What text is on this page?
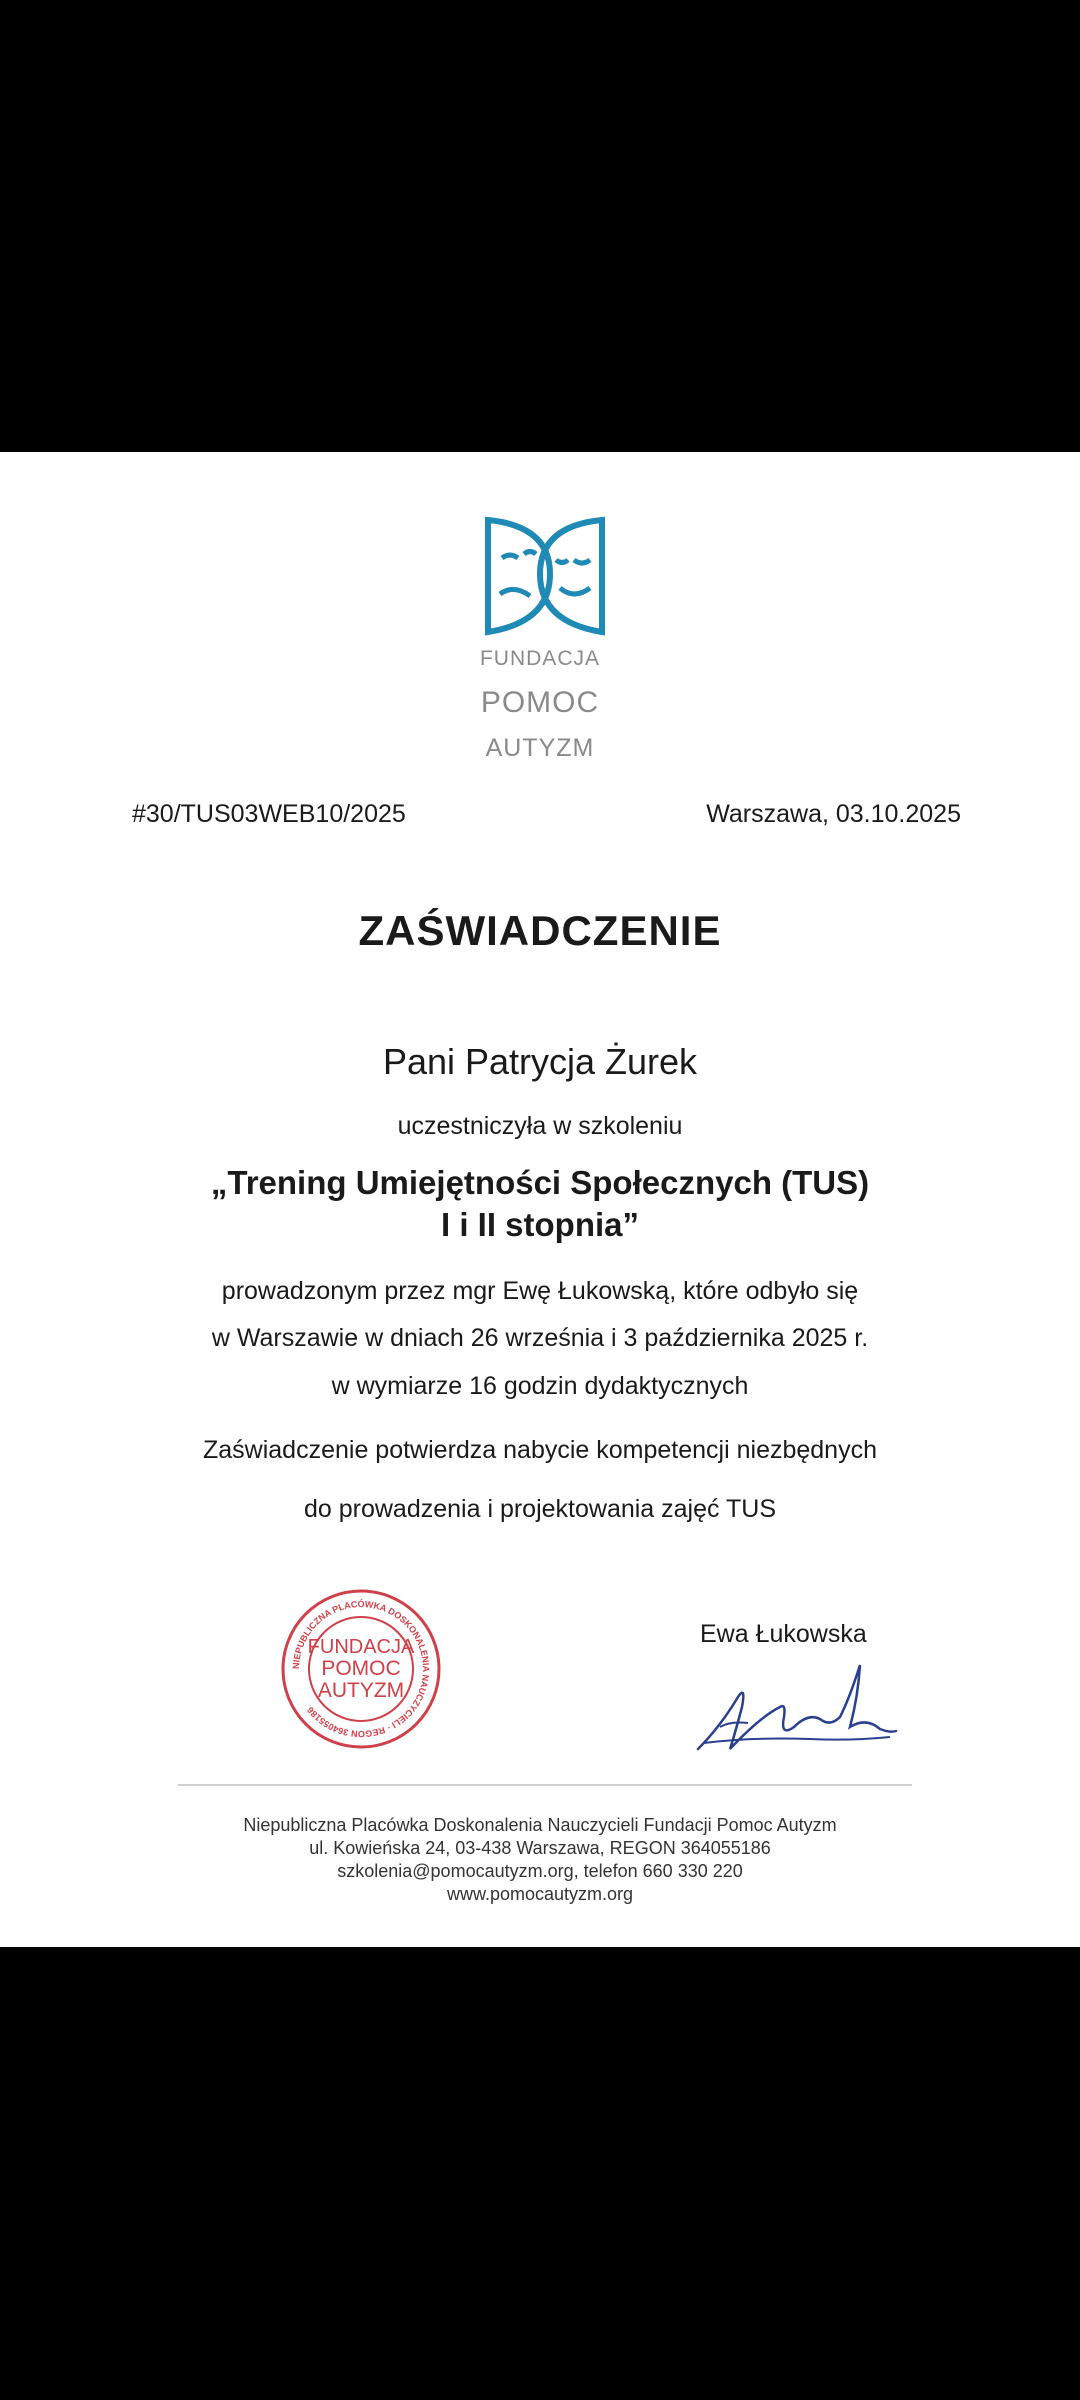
FUNDACJA
POMOC
AUTYZM
#30/TUS03WEB10/2025	Warszawa, 03.10.2025
ZAŚWIADCZENIE
Pani Patrycja Żurek
uczestniczyła w szkoleniu
„Trening Umiejętności Społecznych (TUS)
I i II stopnia”
prowadzonym przez mgr Ewę Łukowską, które odbyło się
w Warszawie w dniach 26 września i 3 października 2025 r.
w wymiarze 16 godzin dydaktycznych
Zaświadczenie potwierdza nabycie kompetencji niezbędnych
do prowadzenia i projektowania zajęć TUS
NIEPUBLICZNA PLACÓWKA DOSKONALENIA NAUCZYCIELI · REGON 364055186
FUNDACJA
POMOC
AUTYZM
Ewa Łukowska
Niepubliczna Placówka Doskonalenia Nauczycieli Fundacji Pomoc Autyzm
ul. Kowieńska 24, 03-438 Warszawa, REGON 364055186
szkolenia@pomocautyzm.org, telefon 660 330 220
www.pomocautyzm.org
